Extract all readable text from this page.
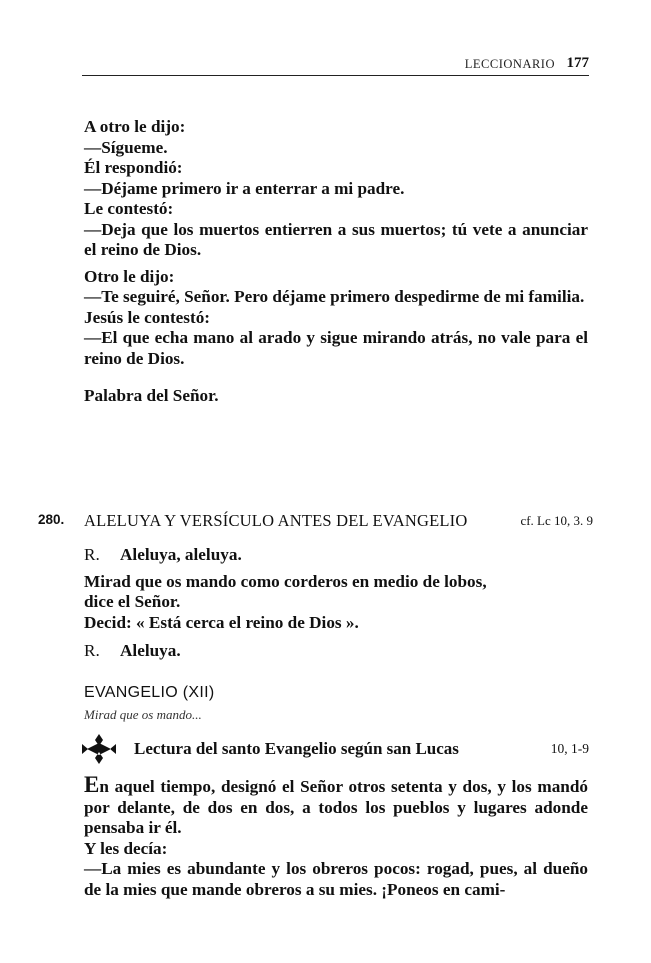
LECCIONARIO 177

A otro le dijo:

—Sígueme.

Él respondió:

—Déjame primero ir a enterrar a mi padre.

Le contestó:

—Deja que los muertos entierren a sus muertos; tú vete a anunciar el reino de Dios.

Otro le dijo:

—Te seguiré, Señor. Pero déjame primero despedirme de mi familia.

Jesús le contestó:

—El que echa mano al arado y sigue mirando atrás, no vale para el reino de Dios.

Palabra del Señor.

280. ALELUYA Y VERSÍCULO ANTES DEL EVANGELIO	cf. Lc 10, 3. 9

R.	Aleluya, aleluya.

Mirad que os mando como corderos en medio de lobos,

dice el Señor.

Decid: « Está cerca el reino de Dios ».

R.	Aleluya.

EVANGELIO (XII)
Mirad que os mando...
Lectura del santo Evangelio según san Lucas	10, 1-9

En aquel tiempo, designó el Señor otros setenta y dos, y los mandó por delante, de dos en dos, a todos los pueblos y lugares adonde pensaba ir él.

Y les decía:

—La mies es abundante y los obreros pocos: rogad, pues, al dueño de la mies que mande obreros a su mies. ¡Poneos en cami-
